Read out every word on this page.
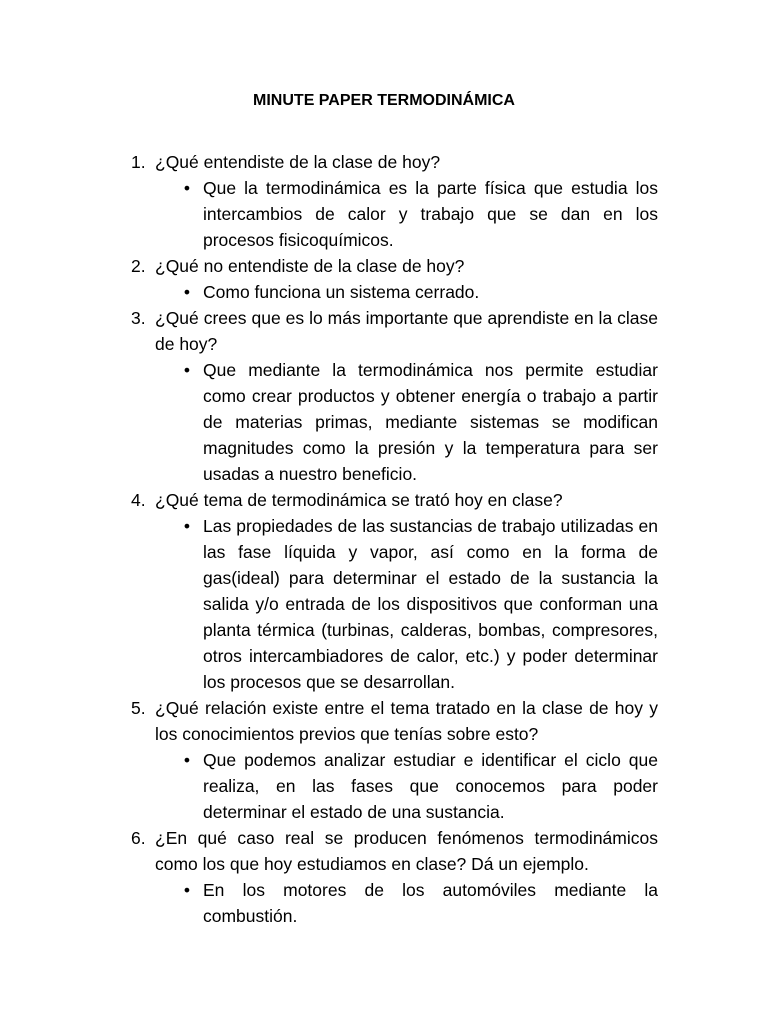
MINUTE PAPER TERMODINÁMICA
1. ¿Qué entendiste de la clase de hoy?
• Que la termodinámica es la parte física que estudia los intercambios de calor y trabajo que se dan en los procesos fisicoquímicos.
2. ¿Qué no entendiste de la clase de hoy?
• Como funciona un sistema cerrado.
3. ¿Qué crees que es lo más importante que aprendiste en la clase de hoy?
• Que mediante la termodinámica nos permite estudiar como crear productos y obtener energía o trabajo a partir de materias primas, mediante sistemas se modifican magnitudes como la presión y la temperatura para ser usadas a nuestro beneficio.
4. ¿Qué tema de termodinámica se trató hoy en clase?
• Las propiedades de las sustancias de trabajo utilizadas en las fase líquida y vapor, así como en la forma de gas(ideal) para determinar el estado de la sustancia la salida y/o entrada de los dispositivos que conforman una planta térmica (turbinas, calderas, bombas, compresores, otros intercambiadores de calor, etc.) y poder determinar los procesos que se desarrollan.
5. ¿Qué relación existe entre el tema tratado en la clase de hoy y los conocimientos previos que tenías sobre esto?
• Que podemos analizar estudiar e identificar el ciclo que realiza, en las fases que conocemos para poder determinar el estado de una sustancia.
6. ¿En qué caso real se producen fenómenos termodinámicos como los que hoy estudiamos en clase? Dá un ejemplo.
• En los motores de los automóviles mediante la combustión.
